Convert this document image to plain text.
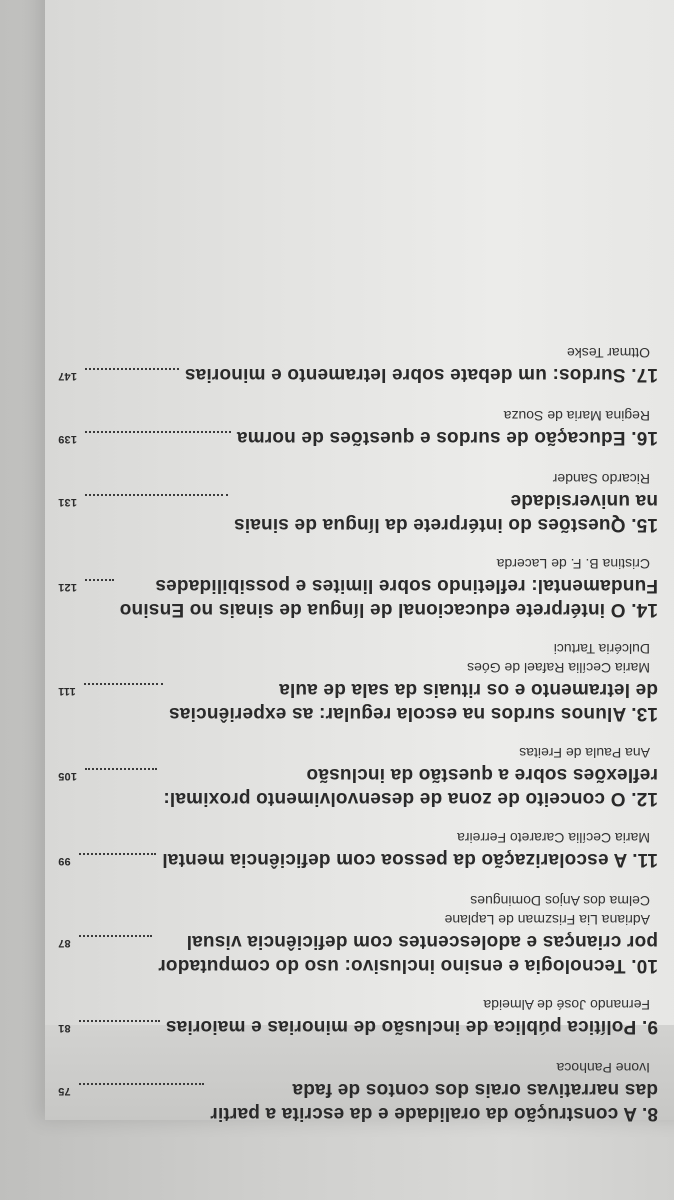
8. A construção da oralidade e da escrita a partir
das narrativas orais dos contos de fada
75
Ivone Panhoca
9. Política pública de inclusão de minorias e maiorias
81
Fernando José de Almeida
10. Tecnologia e ensino inclusivo: uso do computador
por crianças e adolescentes com deficiência visual
87
Adriana Lia Friszman de Laplane
Celma dos Anjos Domingues
11. A escolarização da pessoa com deficiência mental
99
Maria Cecília Carareto Ferreira
12. O conceito de zona de desenvolvimento proximal:
reflexões sobre a questão da inclusão
105
Ana Paula de Freitas
13. Alunos surdos na escola regular: as experiências
de letramento e os rituais da sala de aula
111
Maria Cecília Rafael de Góes
Dulcéria Tartuci
14. O intérprete educacional de língua de sinais no Ensino
Fundamental: refletindo sobre limites e possibilidades
121
Cristina B. F. de Lacerda
15. Questões do intérprete da língua de sinais
na universidade
131
Ricardo Sander
16. Educação de surdos e questões de norma
139
Regina Maria de Souza
17. Surdos: um debate sobre letramento e minorias
147
Ottmar Teske
